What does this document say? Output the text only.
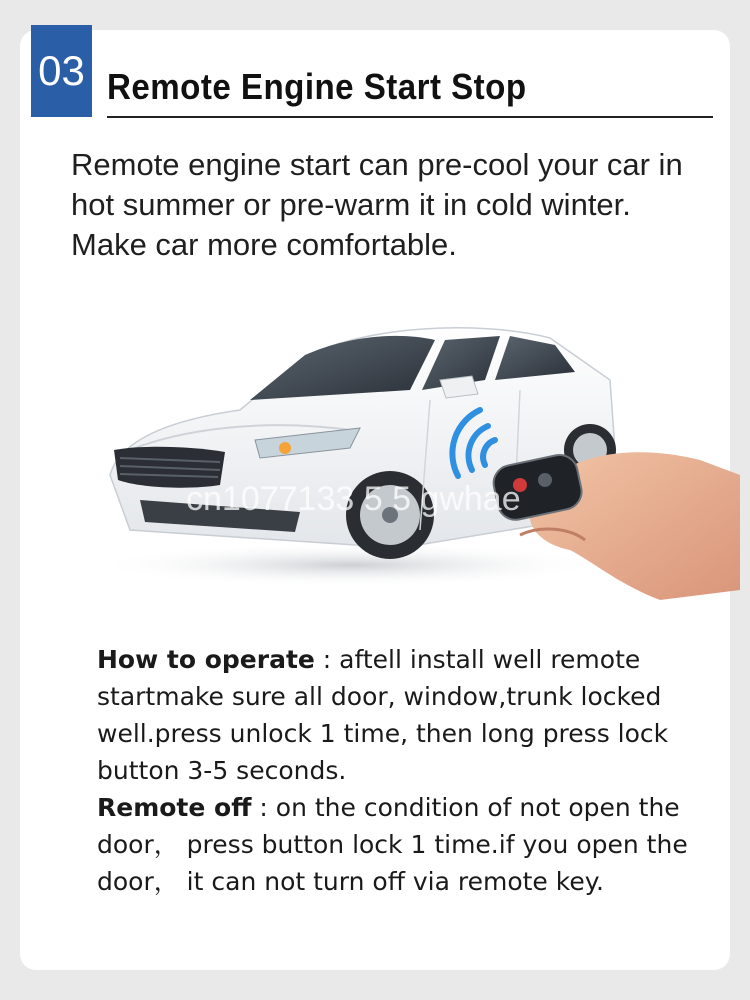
03 Remote Engine Start Stop
Remote engine start can pre-cool your car in hot summer or pre-warm it in cold winter. Make car more comfortable.
cn1077133 5 5 gwhae

How to operate : aftell install well remote startmake sure all door, window,trunk locked well.press unlock 1 time, then long press lock button 3-5 seconds.

Remote off : on the condition of not open the door， press button lock 1 time.if you open the door， it can not turn off via remote key.
